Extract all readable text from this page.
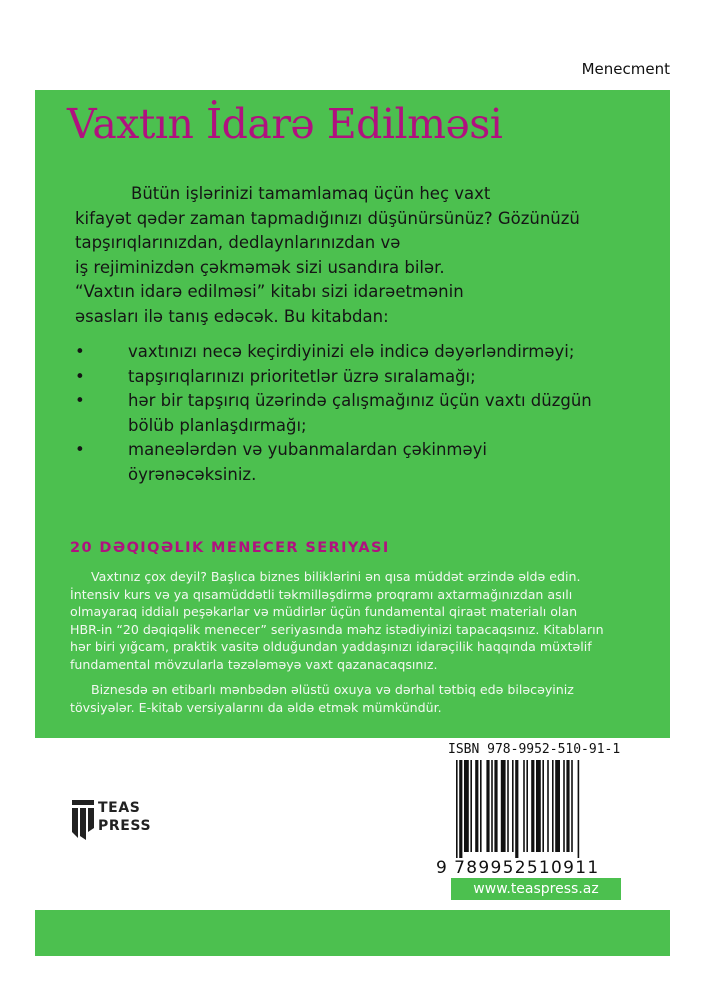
Menecment
Vaxtın İdarə Edilməsi
Bütün işlərinizi tamamlamaq üçün heç vaxt
kifayət qədər zaman tapmadığınızı düşünürsünüz? Gözünüzü
tapşırıqlarınızdan, dedlaynlarınızdan və
iş rejiminizdən çəkməmək sizi usandıra bilər.
“Vaxtın idarə edilməsi” kitabı sizi idarəetmənin
əsasları ilə tanış edəcək. Bu kitabdan:
•	vaxtınızı necə keçirdiyinizi elə indicə dəyərləndirməyi;
•	tapşırıqlarınızı prioritetlər üzrə sıralamağı;
•	hər bir tapşırıq üzərində çalışmağınız üçün vaxtı düzgün
bölüb planlaşdırmağı;
•	maneələrdən və yubanmalardan çəkinməyi
öyrənəcəksiniz.
20 DƏQIQƏLIK MENECER SERIYASI
Vaxtınız çox deyil? Başlıca biznes biliklərini ən qısa müddət ərzində əldə edin.
İntensiv kurs və ya qısamüddətli təkmilləşdirmə proqramı axtarmağınızdan asılı
olmayaraq iddialı peşəkarlar və müdirlər üçün fundamental qiraət materialı olan
HBR-in “20 dəqiqəlik menecer” seriyasında məhz istədiyinizi tapacaqsınız. Kitabların
hər biri yığcam, praktik vasitə olduğundan yaddaşınızı idarəçilik haqqında müxtəlif
fundamental mövzularla təzələməyə vaxt qazanacaqsınız.
Biznesdə ən etibarlı mənbədən əlüstü oxuya və dərhal tətbiq edə biləcəyiniz
tövsiyələr. E-kitab versiyalarını da əldə etmək mümkündür.
TEAS
PRESS
ISBN 978-9952-510-91-1
9 789952510911
www.teaspress.az
